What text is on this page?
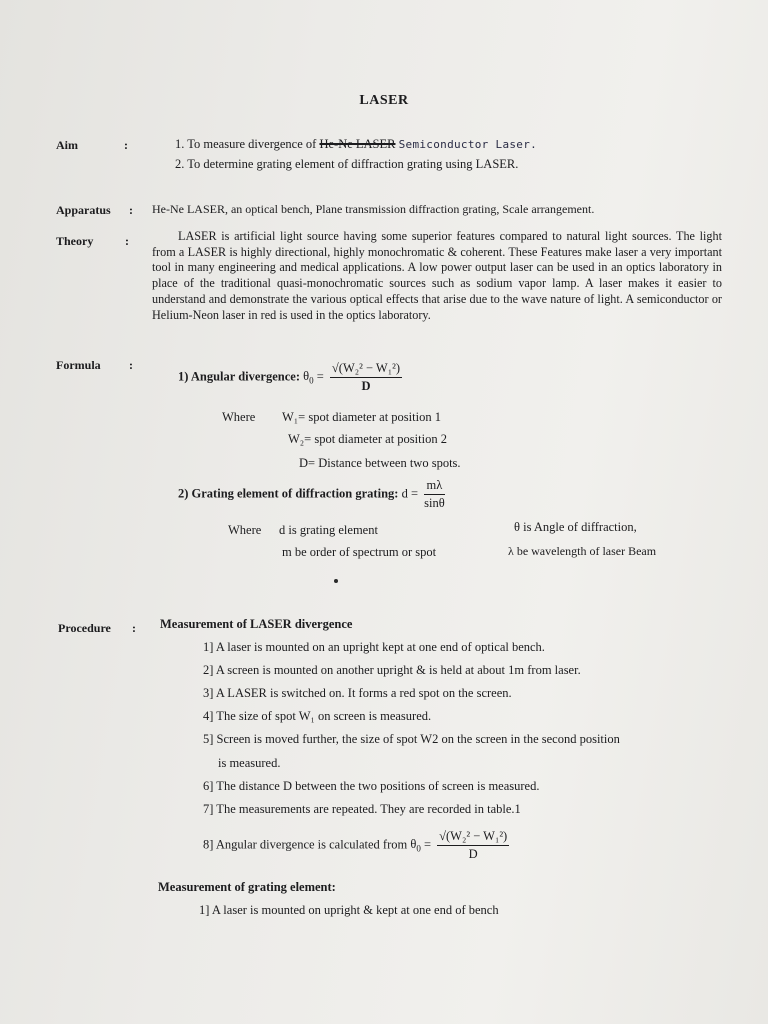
LASER
Aim	:	1. To measure divergence of He-Ne LASER Semiconductor Laser.
2. To determine grating element of diffraction grating using LASER.
Apparatus : He-Ne LASER, an optical bench, Plane transmission diffraction grating, Scale arrangement.
Theory	:	LASER is artificial light source having some superior features compared to natural light sources. The light from a LASER is highly directional, highly monochromatic & coherent. These Features make laser a very important tool in many engineering and medical applications. A low power output laser can be used in an optics laboratory in place of the traditional quasi-monochromatic sources such as sodium vapor lamp. A laser makes it easier to understand and demonstrate the various optical effects that arise due to the wave nature of light. A semiconductor or Helium-Neon laser in red is used in the optics laboratory.
Formula :
1) Angular divergence: $\theta_0 = \frac{\text{√(W₂² − W₁²)}}{D}$
Where W₁= spot diameter at position 1
W₂= spot diameter at position 2
D= Distance between two spots.
2) Grating element of diffraction grating: $d = \frac{m\lambda}{\sin\theta}$
Where d is grating element	θ is Angle of diffraction,
m be order of spectrum or spot	λ be wavelength of laser Beam
Procedure : Measurement of LASER divergence
1] A laser is mounted on an upright kept at one end of optical bench.
2] A screen is mounted on another upright & is held at about 1m from laser.
3] A LASER is switched on. It forms a red spot on the screen.
4] The size of spot W₁ on screen is measured.
5] Screen is moved further, the size of spot W2 on the screen in the second position
is measured.
6] The distance D between the two positions of screen is measured.
7] The measurements are repeated. They are recorded in table.1
8] Angular divergence is calculated from $\theta_0 = \frac{\text{√(W₂² − W₁²)}}{D}$
Measurement of grating element:
1] A laser is mounted on upright & kept at one end of bench
